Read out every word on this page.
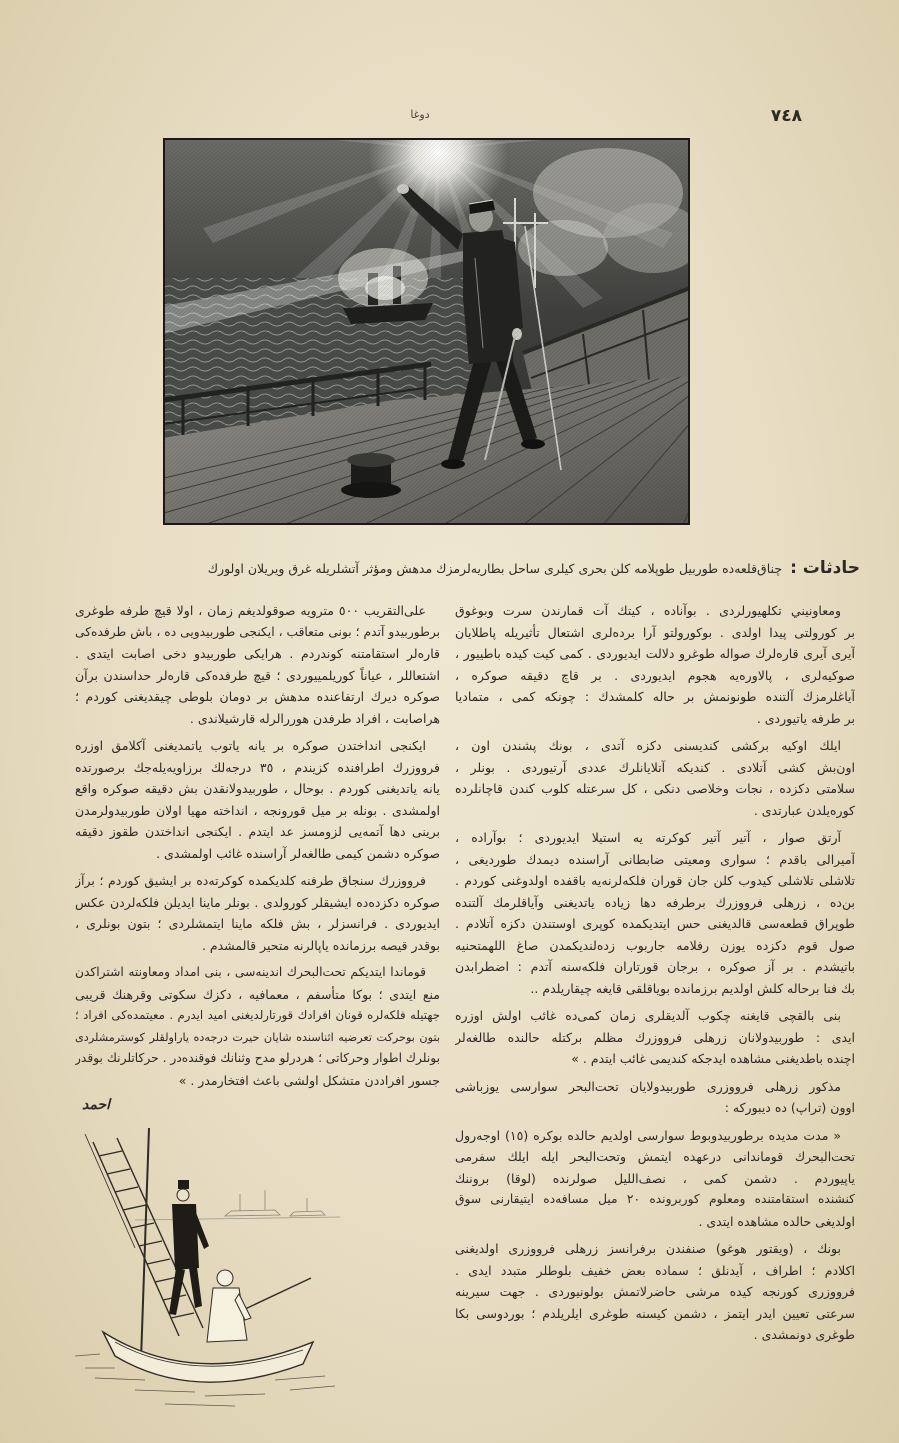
٧٤٨
دوغا
حادثات :
چناق‌قلعه‌ده طوربيل طوپلامه كلن بحرى كيلرى ساحل بطاريه‌لرمزك مدهش ومؤثر آتشلريله غرق ويريلان اولورك
ومعاونيني تكلهيورلردى . بوآناده ، كيتك آت قمارندن سرت وبوغوق
بر كورولتى پيدا اولدى . بوكورولتو آرا برده‌لرى اشتعال تأثيريله پاطلايان
آيرى آيرى قاره‌لرك صواله طوغرو دلالت ايديوردى . كمى كيت كيده باطييور ،
صوكيه‌لرى ، پالاوره‌يه هجوم ايديوردى . بر قاچ دقيقه صوكره ،
آياغلرمزك آلتنده طونونمش بر حاله كلمشدك : چونكه كمى ، متماديا
بر طرفه ياتيوردى .
ايلك اوكيه بركشى كنديسنى دكزه آتدى ، بونك پشندن اون ،
اون‌بش كشى آتلادى . كنديكه آتلايانلرك عددى آرتيوردى . بونلر ،
سلامتى دكزده ، نجات وخلاصى دنكى ، كل سرعتله كلوب كندن قاچانلرده
كوره‌يلدن عبارتدى .
آرتق صوار ، آتير آتير كوكرته يه استيلا ايديوردى ؛ بوآراده ،
آميرالى باقدم ؛ سوارى ومعيتى ضابطانى آراسنده ديمدك طورديغى ،
تلاشلى تلاشلى كيدوب كلن جان قوران فلكه‌لرنه‌يه باقفده اولدوغنى كوردم .
بن‌ده ، زرهلى فرووزرك برطرفه دها زياده ياتديغنى وآياقلرمك آلتنده
طوپراق قطعه‌سى قالديغنى حس ايتديكمده كوپرى اوستندن دكزه آتلادم .
صول قوم دكزده يوزن رفلامه جاربوب زده‌لنديكمدن صاغ اللهمتحنيه
باتيشدم . بر آز صوكره ، برجان قورتاران فلكه‌سنه آتدم : اضطرابدن
بك فنا برحاله كلش اولديم برزمانده بوياقلقى قايغه چيقاريلدم ..
بنى بالقچى قايغنه چكوب آلديقلرى زمان كمى‌ده غائب اولش اوزره
ايدى : طوربيدولانان زرهلى فرووزرك مظلم بركتله حالنده طالغه‌لر
اچنده باطديغنى مشاهده ايدجكه كنديمى غائب ايتدم . »
مذكور زرهلى فرووزرى طوربيدولايان تحت‌البحر سوارسى يوزباشى
اوون (تراپ) ده ديبوركه :
« مدت مديده برطوربيدوبوط سوارسى اولديم حالده بوكره (١٥) اوجه‌رول
تحت‌البحرك قوماندانى درعهده ايتمش وتحت‌البحر ايله ايلك سفرمى
ياپيوردم . دشمن كمى ، نصف‌الليل صولرنده (لوقا) بروننك
كنشنده استقامتنده ومعلوم كوربرونده ٢٠ ميل مسافه‌ده ايتيقارنى سوق
اولديغى حالده مشاهده ايتدى .
بونك ، (ويقتور هوغو) صنفندن برفرانسز زرهلى فرووزرى اولديغنى
اكلادم ؛ اطراف ، آيدنلق ؛ سماده بعض خفيف بلوطلر متبدد ايدى .
فرووزرى كورنجه كيده مرشى حاضرلاتمش بولونيوردى . جهت سيرينه
سرعتى تعيين ايدر ايتمز ، دشمن كيسنه طوغرى ايلريلدم ؛ بوردوسى بكا
طوغرى دونمشدى .
على‌التقريب ٥٠٠ مترويه صوقولديغم زمان ، اولا قيچ طرفه طوغرى
برطوربيدو آتدم ؛ بونى متعاقب ، ايكنجى طوربيدويى ده ، باش طرفده‌كى
قاره‌لر استقامتنه كوندردم . هرايكى طوربيدو دخى اصابت ايتدى .
اشتعاللر ، عياناً كوريلمييوردى ؛ قيچ طرفده‌كى قاره‌لر حداسندن برآن
صوكره ديرك ارتفاعنده مدهش بر دومان بلوطى چيقديغنى كوردم ؛
هراصابت ، افراد طرفدن هوررالرله قارشيلاندى .
ايكنجى انداختدن صوكره بر يانه ياتوب ياتمديغنى آكلامق اوزره
فرووزرك اطرافنده كزيندم ، ٣٥ درجه‌لك برزاويه‌يله‌جك برصورتده
يانه ياتديغنى كوردم . بوحال ، طوربيدولانقدن بش دقيقه صوكره واقع
اولمشدى . بونله بر ميل قورونجه ، انداخته مهيا اولان طوربيدولرمدن
برينى دها آتمه‌يى لزومسز عد ايتدم . ايكنجى انداختدن طقوز دقيقه
صوكره دشمن كيمى طالغه‌لر آراسنده غائب اولمشدى .
فرووزرك سنجاق طرفنه كلديكمده كوكرته‌ده بر ايشيق كوردم ؛ برآز
صوكره دكزده‌ده ايشيقلر كورولدى . بونلر ماينا ايديلن فلكه‌لردن عكس
ايديوردى . فرانسزلر ، بش فلكه ماينا ايتمشلردى ؛ بتون بونلرى ،
بوقدر قيصه برزمانده ياپالرنه متحير قالمشدم .
قوماندا ايتديكم تحت‌البحرك اندينه‌سى ، بنى امداد ومعاونته اشتراكدن
منع ايتدى ؛ بوكا متأسفم ، معمافيه ، دكزك سكوتى وقرهنك قريبى
جهتيله فلكه‌لره قونان افرادك قورتارلديغنى اميد ايدرم . معيتمده‌كى افراد ؛
بتون بوحركت تعرضيه اثناسنده شايان حيرت درجه‌ده ياراولقلر كوسترمشلردى
بونلرك اطوار وحركاتى ؛ هردرلو مدح وثنانك فوقنده‌در . حركاتلرنك بوقدر
جسور افراددن متشكل اولشى باعث افتخارمدر . »
احمد
